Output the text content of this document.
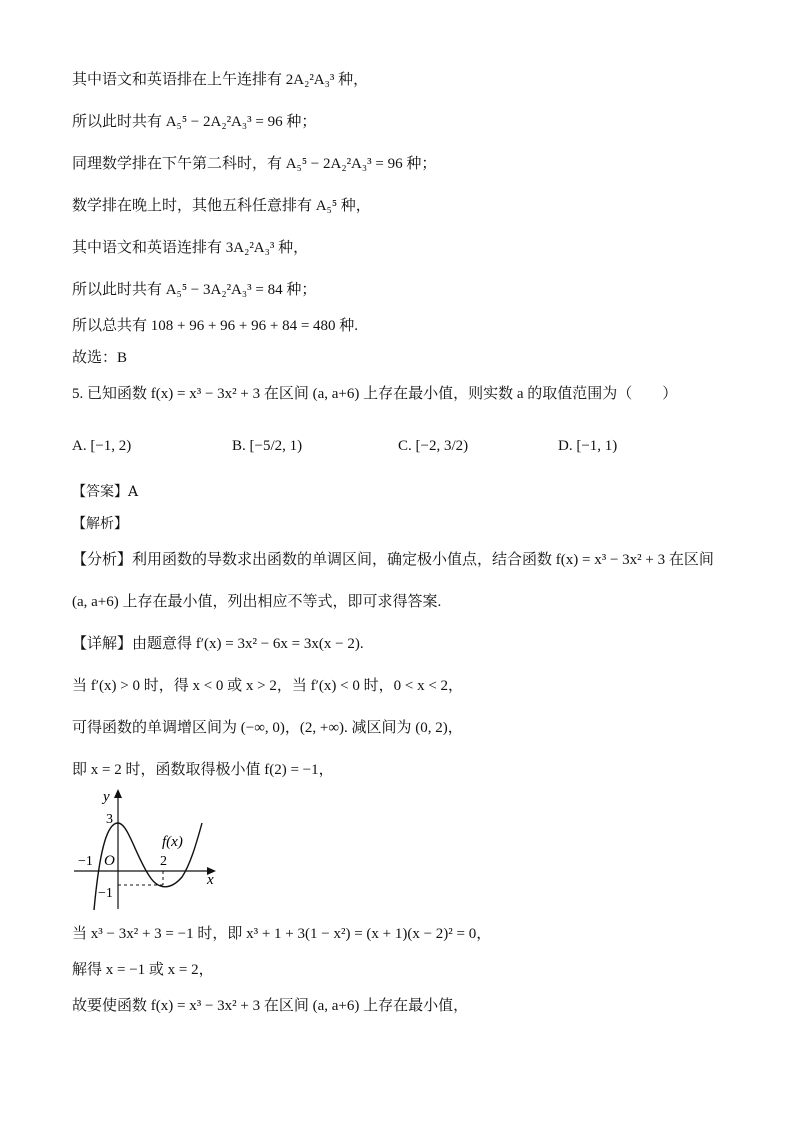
其中语文和英语排在上午连排有 2A₂²A₃³ 种，
所以此时共有 A₅⁵ − 2A₂²A₃³ = 96 种；
同理数学排在下午第二科时，有 A₅⁵ − 2A₂²A₃³ = 96 种；
数学排在晚上时，其他五科任意排有 A₅⁵ 种，
其中语文和英语连排有 3A₂²A₃³ 种，
所以此时共有 A₅⁵ − 3A₂²A₃³ = 84 种；
所以总共有 108 + 96 + 96 + 96 + 84 = 480 种.
故选：B
5. 已知函数 f(x) = x³ − 3x² + 3 在区间 (a, a+6) 上存在最小值，则实数 a 的取值范围为（　　）
A. [−1, 2)	B. [−5/2, 1)	C. [−2, 3/2)	D. [−1, 1)
【答案】A
【解析】
【分析】利用函数的导数求出函数的单调区间，确定极小值点，结合函数 f(x) = x³ − 3x² + 3 在区间
(a, a+6) 上存在最小值，列出相应不等式，即可求得答案.
【详解】由题意得 f′(x) = 3x² − 6x = 3x(x − 2).
当 f′(x) > 0 时，得 x < 0 或 x > 2，当 f′(x) < 0 时，0 < x < 2，
可得函数的单调增区间为 (−∞, 0)，(2, +∞). 减区间为 (0, 2)，
即 x = 2 时，函数取得极小值 f(2) = −1，
y
x
O
f(x)
3
−1	2
−1
当 x³ − 3x² + 3 = −1 时，即 x³ + 1 + 3(1 − x²) = (x + 1)(x − 2)² = 0，
解得 x = −1 或 x = 2，
故要使函数 f(x) = x³ − 3x² + 3 在区间 (a, a+6) 上存在最小值，
